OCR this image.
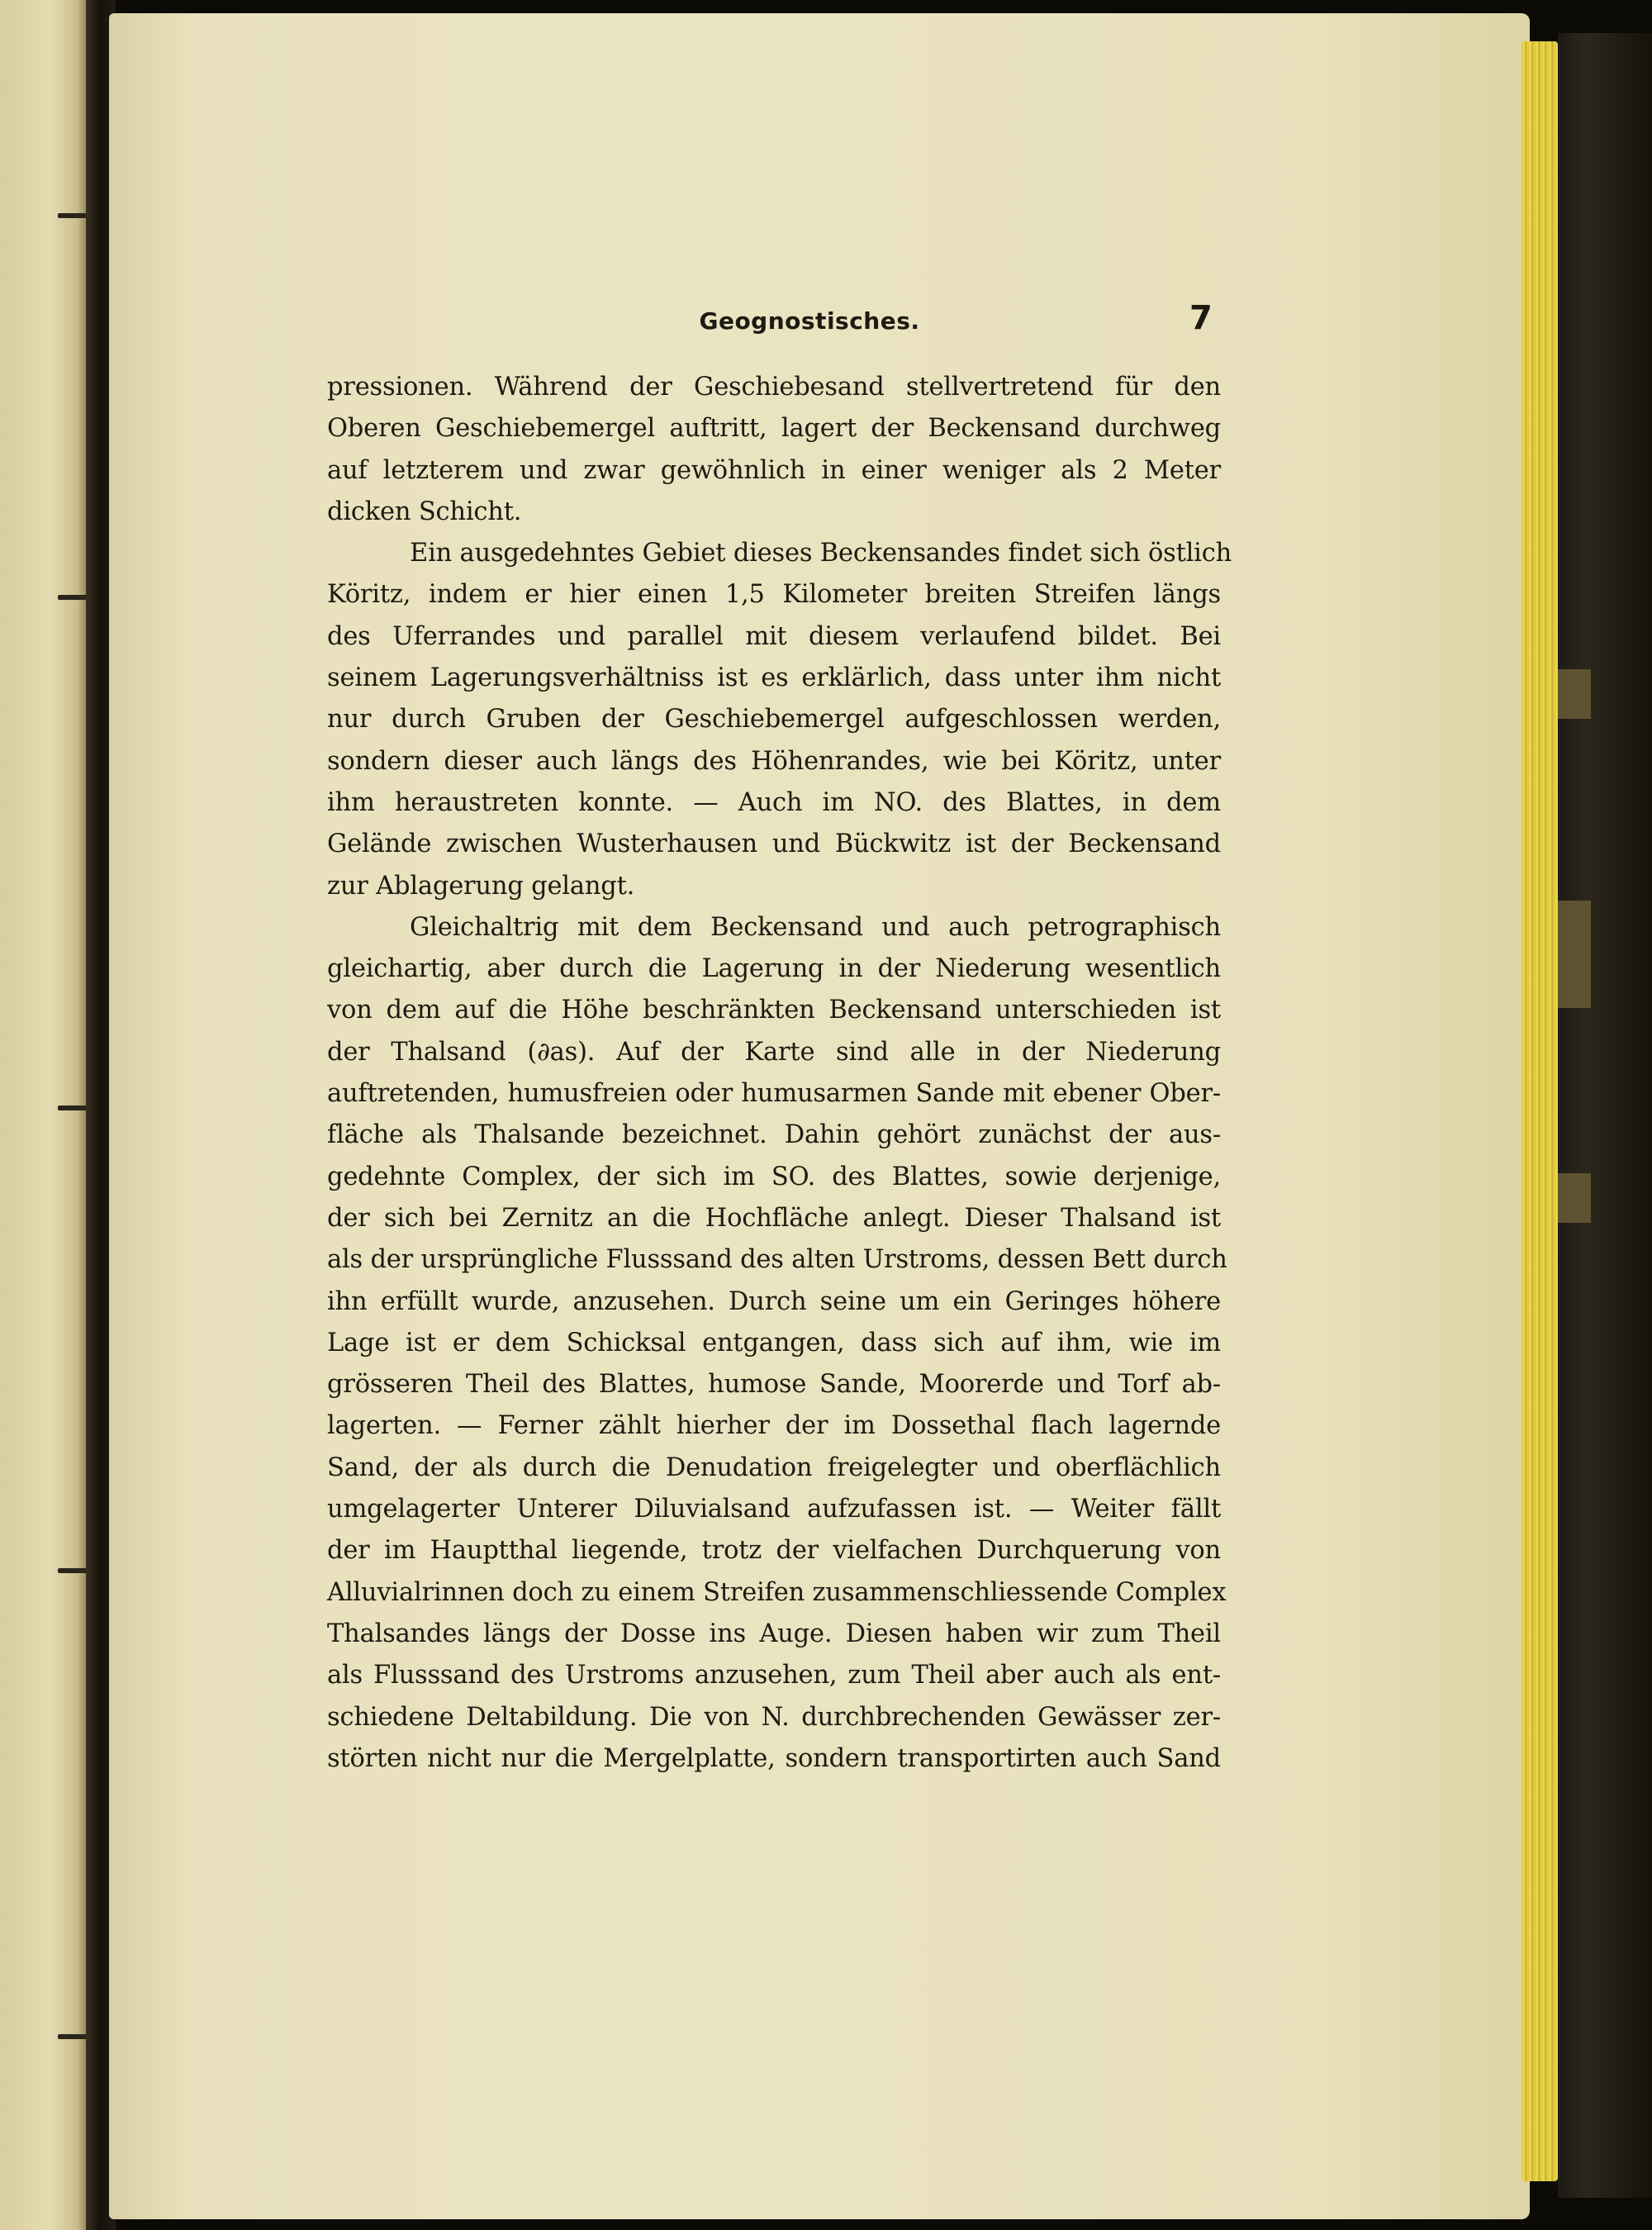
Geognostisches.	7
pressionen. Während der Geschiebesand stellvertretend für den
Oberen Geschiebemergel auftritt, lagert der Beckensand durchweg
auf letzterem und zwar gewöhnlich in einer weniger als 2 Meter
dicken Schicht.
Ein ausgedehntes Gebiet dieses Beckensandes findet sich östlich
Köritz, indem er hier einen 1,5 Kilometer breiten Streifen längs
des Uferrandes und parallel mit diesem verlaufend bildet. Bei
seinem Lagerungsverhältniss ist es erklärlich, dass unter ihm nicht
nur durch Gruben der Geschiebemergel aufgeschlossen werden,
sondern dieser auch längs des Höhenrandes, wie bei Köritz, unter
ihm heraustreten konnte. — Auch im NO. des Blattes, in dem
Gelände zwischen Wusterhausen und Bückwitz ist der Beckensand
zur Ablagerung gelangt.
Gleichaltrig mit dem Beckensand und auch petrographisch
gleichartig, aber durch die Lagerung in der Niederung wesentlich
von dem auf die Höhe beschränkten Beckensand unterschieden ist
der Thalsand (∂as). Auf der Karte sind alle in der Niederung
auftretenden, humusfreien oder humusarmen Sande mit ebener Ober-
fläche als Thalsande bezeichnet. Dahin gehört zunächst der aus-
gedehnte Complex, der sich im SO. des Blattes, sowie derjenige,
der sich bei Zernitz an die Hochfläche anlegt. Dieser Thalsand ist
als der ursprüngliche Flusssand des alten Urstroms, dessen Bett durch
ihn erfüllt wurde, anzusehen. Durch seine um ein Geringes höhere
Lage ist er dem Schicksal entgangen, dass sich auf ihm, wie im
grösseren Theil des Blattes, humose Sande, Moorerde und Torf ab-
lagerten. — Ferner zählt hierher der im Dossethal flach lagernde
Sand, der als durch die Denudation freigelegter und oberflächlich
umgelagerter Unterer Diluvialsand aufzufassen ist. — Weiter fällt
der im Hauptthal liegende, trotz der vielfachen Durchquerung von
Alluvialrinnen doch zu einem Streifen zusammenschliessende Complex
Thalsandes längs der Dosse ins Auge. Diesen haben wir zum Theil
als Flusssand des Urstroms anzusehen, zum Theil aber auch als ent-
schiedene Deltabildung. Die von N. durchbrechenden Gewässer zer-
störten nicht nur die Mergelplatte, sondern transportirten auch Sand
